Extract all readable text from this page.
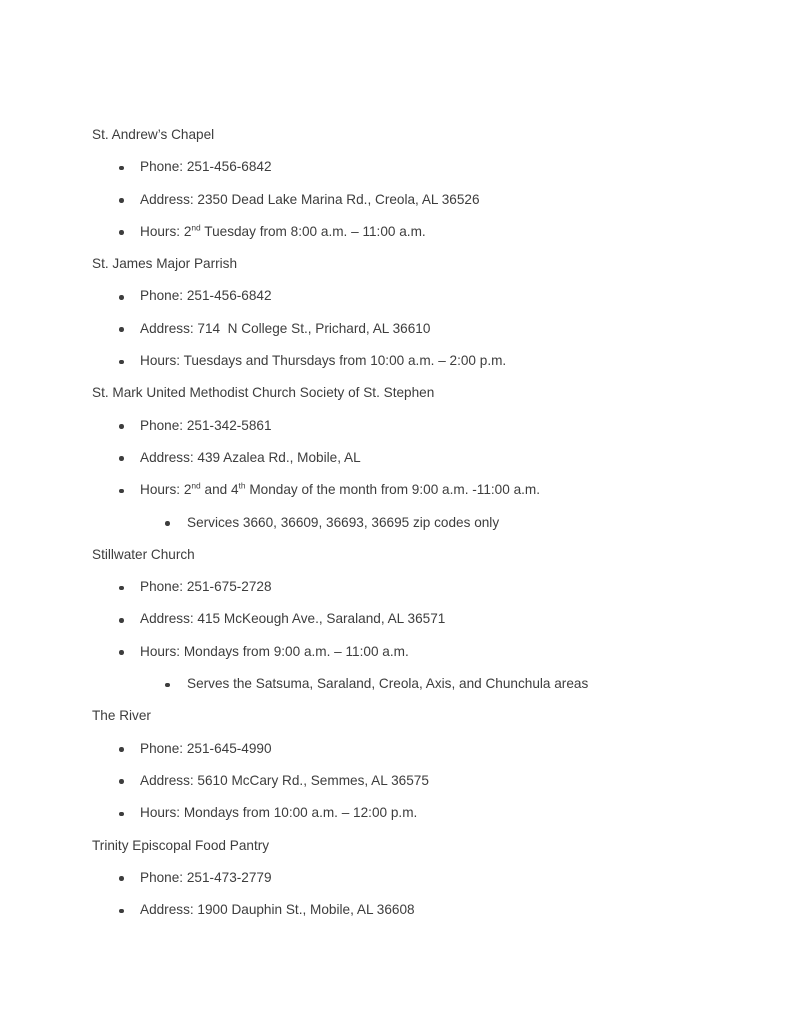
St. Andrew’s Chapel
Phone: 251-456-6842
Address: 2350 Dead Lake Marina Rd., Creola, AL 36526
Hours: 2nd Tuesday from 8:00 a.m. – 11:00 a.m.
St. James Major Parrish
Phone: 251-456-6842
Address: 714  N College St., Prichard, AL 36610
Hours: Tuesdays and Thursdays from 10:00 a.m. – 2:00 p.m.
St. Mark United Methodist Church Society of St. Stephen
Phone: 251-342-5861
Address: 439 Azalea Rd., Mobile, AL
Hours: 2nd and 4th Monday of the month from 9:00 a.m. -11:00 a.m.
Services 3660, 36609, 36693, 36695 zip codes only
Stillwater Church
Phone: 251-675-2728
Address: 415 McKeough Ave., Saraland, AL 36571
Hours: Mondays from 9:00 a.m. – 11:00 a.m.
Serves the Satsuma, Saraland, Creola, Axis, and Chunchula areas
The River
Phone: 251-645-4990
Address: 5610 McCary Rd., Semmes, AL 36575
Hours: Mondays from 10:00 a.m. – 12:00 p.m.
Trinity Episcopal Food Pantry
Phone: 251-473-2779
Address: 1900 Dauphin St., Mobile, AL 36608
